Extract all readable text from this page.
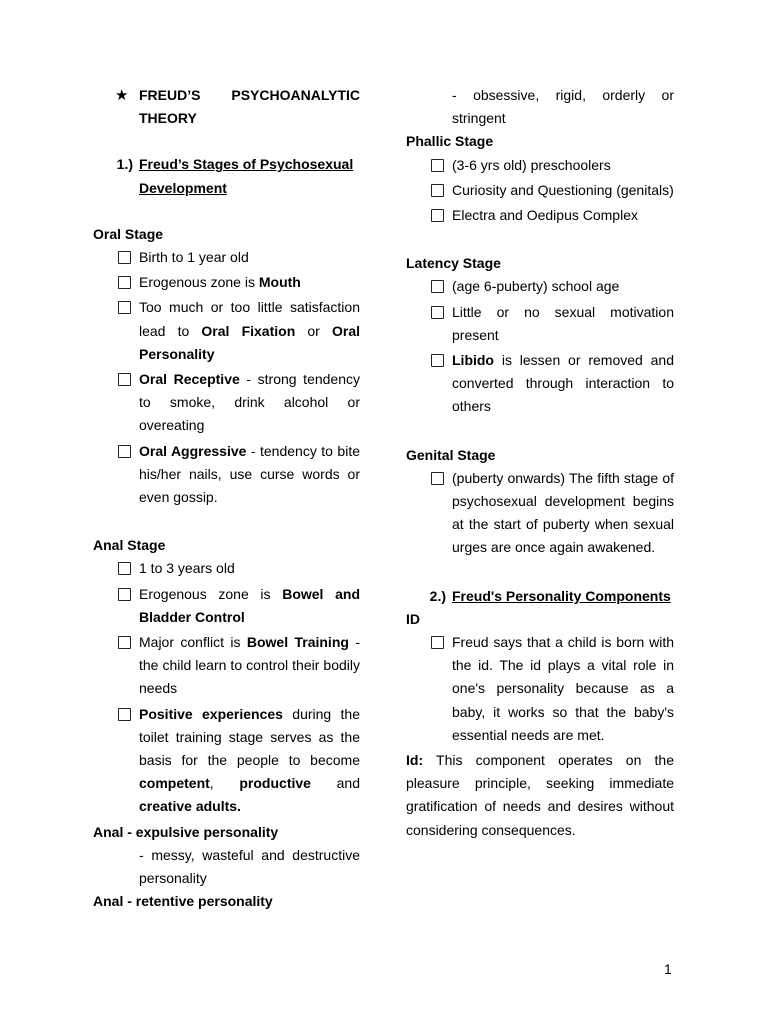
★ FREUD’S PSYCHOANALYTIC
THEORY
1.) Freud’s Stages of Psychosexual Development
Oral Stage
Birth to 1 year old
Erogenous zone is Mouth
Too much or too little satisfaction lead to Oral Fixation or Oral Personality
Oral Receptive - strong tendency to smoke, drink alcohol or overeating
Oral Aggressive - tendency to bite his/her nails, use curse words or even gossip.
Anal Stage
1 to 3 years old
Erogenous zone is Bowel and Bladder Control
Major conflict is Bowel Training - the child learn to control their bodily needs
Positive experiences during the toilet training stage serves as the basis for the people to become competent, productive and creative adults.
Anal - expulsive personality
- messy, wasteful and destructive personality
Anal - retentive personality
- obsessive, rigid, orderly or stringent
Phallic Stage
(3-6 yrs old) preschoolers
Curiosity and Questioning (genitals)
Electra and Oedipus Complex
Latency Stage
(age 6-puberty) school age
Little or no sexual motivation present
Libido is lessen or removed and converted through interaction to others
Genital Stage
(puberty onwards) The fifth stage of psychosexual development begins at the start of puberty when sexual urges are once again awakened.
2.) Freud's Personality Components
ID
Freud says that a child is born with the id. The id plays a vital role in one's personality because as a baby, it works so that the baby's essential needs are met.
Id: This component operates on the pleasure principle, seeking immediate gratification of needs and desires without considering consequences.
1
